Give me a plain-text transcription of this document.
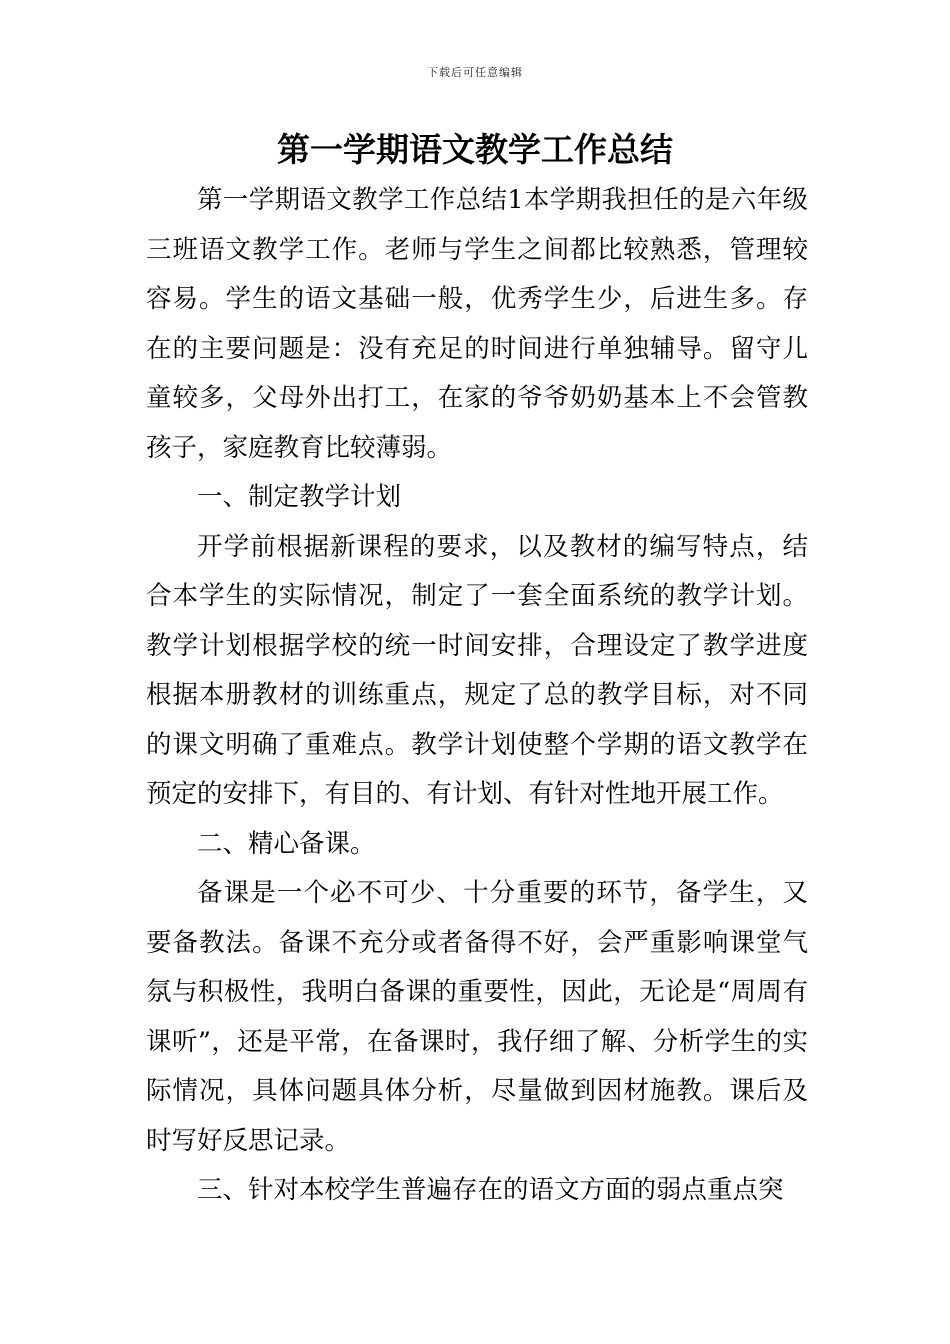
下载后可任意编辑
第一学期语文教学工作总结

第一学期语文教学工作总结1本学期我担任的是六年级三班语文教学工作。老师与学生之间都比较熟悉，管理较容易。学生的语文基础一般，优秀学生少，后进生多。存在的主要问题是：没有充足的时间进行单独辅导。留守儿童较多，父母外出打工，在家的爷爷奶奶基本上不会管教孩子，家庭教育比较薄弱。

一、制定教学计划

开学前根据新课程的要求，以及教材的编写特点，结合本学生的实际情况，制定了一套全面系统的教学计划。教学计划根据学校的统一时间安排，合理设定了教学进度根据本册教材的训练重点，规定了总的教学目标，对不同的课文明确了重难点。教学计划使整个学期的语文教学在预定的安排下，有目的、有计划、有针对性地开展工作。

二、精心备课。

备课是一个必不可少、十分重要的环节，备学生，又要备教法。备课不充分或者备得不好，会严重影响课堂气氛与积极性，我明白备课的重要性，因此，无论是“周周有课听”，还是平常，在备课时，我仔细了解、分析学生的实际情况，具体问题具体分析，尽量做到因材施教。课后及时写好反思记录。

三、针对本校学生普遍存在的语文方面的弱点重点突
